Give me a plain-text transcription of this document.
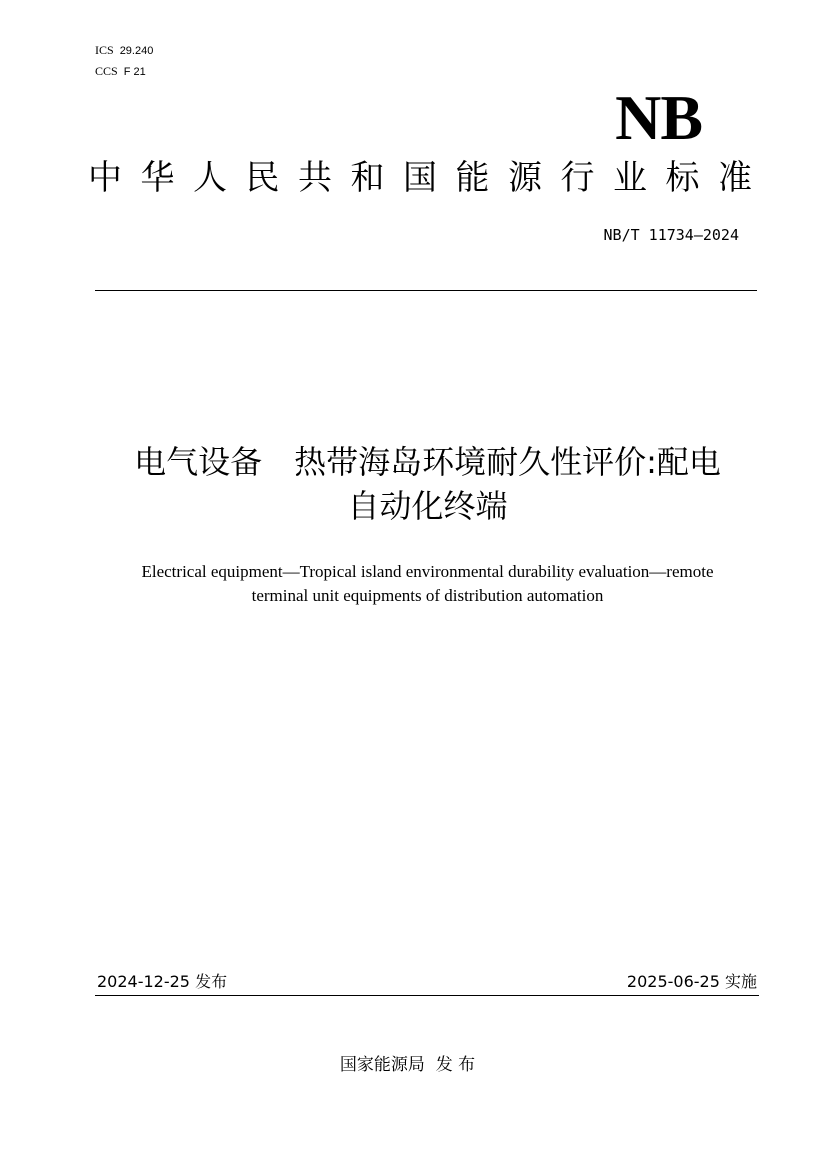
ICS 29.240
CCS F 21
NB
中 华 人 民 共 和 国 能 源 行 业 标 准
NB/T 11734—2024
电气设备　热带海岛环境耐久性评价:配电
自动化终端
Electrical equipment—Tropical island environmental durability evaluation—remote
terminal unit equipments of distribution automation
2024-12-25 发布	2025-06-25 实施
国家能源局  发 布
